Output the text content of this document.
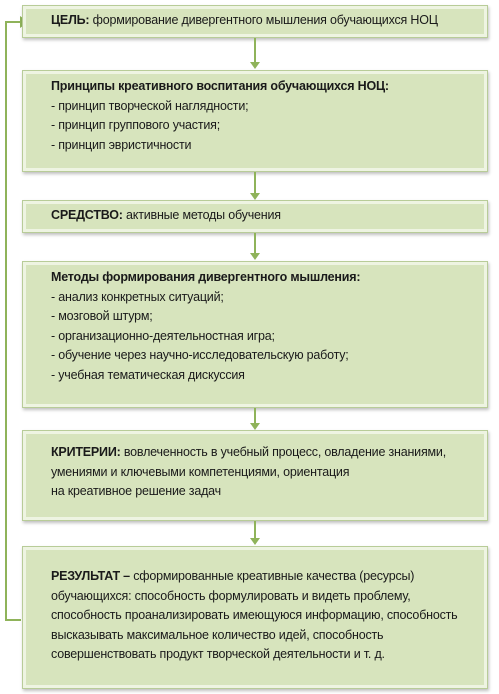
ЦЕЛЬ: формирование дивергентного мышления обучающихся НОЦ
Принципы креативного воспитания обучающихся НОЦ:
- принцип творческой наглядности;
- принцип группового участия;
- принцип эвристичности
СРЕДСТВО: активные методы обучения
Методы формирования дивергентного мышления:
- анализ конкретных ситуаций;
- мозговой штурм;
- организационно-деятельностная игра;
- обучение через научно-исследовательскую работу;
- учебная тематическая дискуссия
КРИТЕРИИ: вовлеченность в учебный процесс, овладение знаниями,
умениями и ключевыми компетенциями, ориентация
на креативное решение задач
РЕЗУЛЬТАТ – сформированные креативные качества (ресурсы)
обучающихся: способность формулировать и видеть проблему,
способность проанализировать имеющуюся информацию, способность
высказывать максимальное количество идей, способность
совершенствовать продукт творческой деятельности и т. д.
